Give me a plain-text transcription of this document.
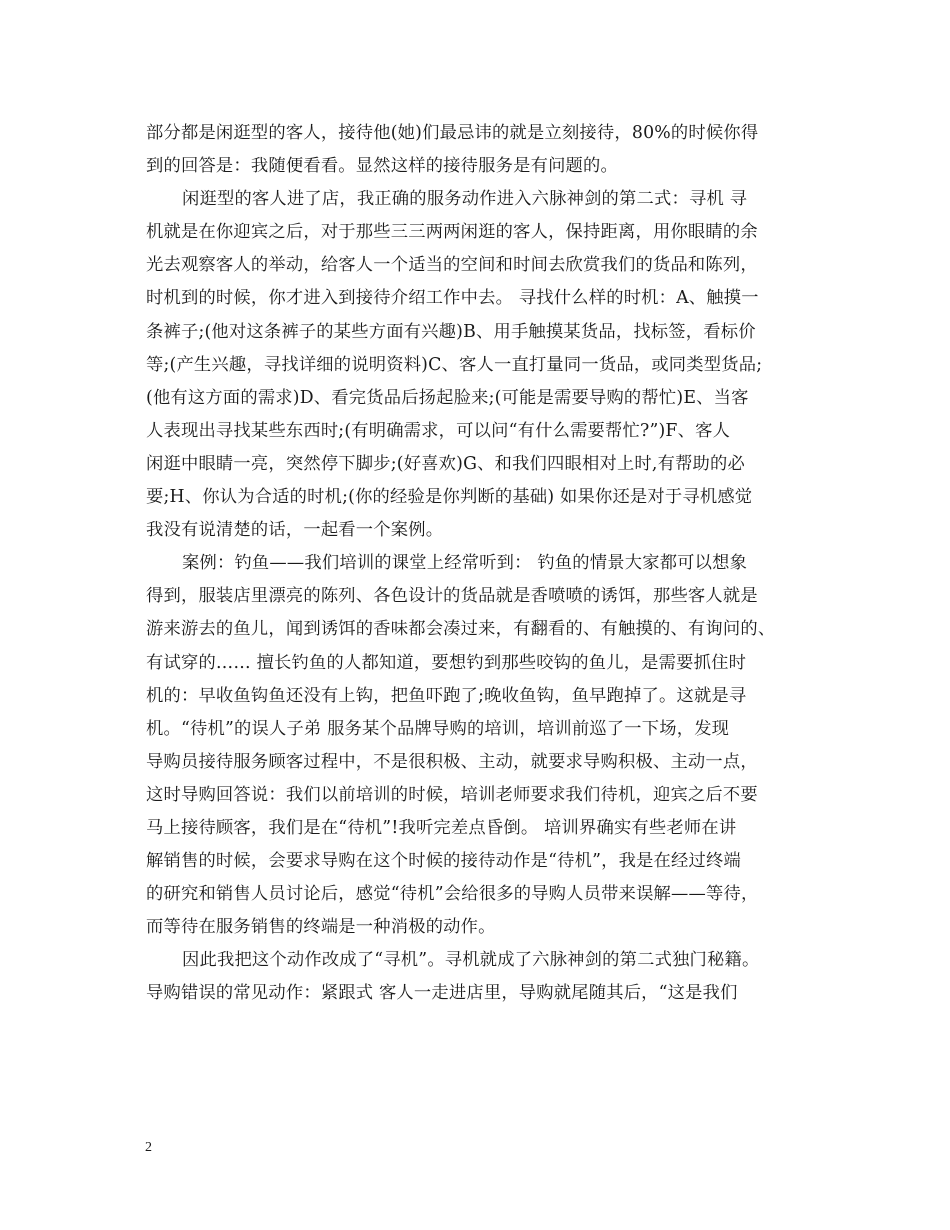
部分都是闲逛型的客人，接待他(她)们最忌讳的就是立刻接待，80%的时候你得
到的回答是：我随便看看。显然这样的接待服务是有问题的。
闲逛型的客人进了店，我正确的服务动作进入六脉神剑的第二式：寻机 寻
机就是在你迎宾之后，对于那些三三两两闲逛的客人，保持距离，用你眼睛的余
光去观察客人的举动，给客人一个适当的空间和时间去欣赏我们的货品和陈列，
时机到的时候，你才进入到接待介绍工作中去。 寻找什么样的时机：A、触摸一
条裤子;(他对这条裤子的某些方面有兴趣)B、用手触摸某货品，找标签，看标价
等;(产生兴趣，寻找详细的说明资料)C、客人一直打量同一货品，或同类型货品;
(他有这方面的需求)D、看完货品后扬起脸来;(可能是需要导购的帮忙)E、当客
人表现出寻找某些东西时;(有明确需求，可以问“有什么需要帮忙?”)F、客人
闲逛中眼睛一亮，突然停下脚步;(好喜欢)G、和我们四眼相对上时,有帮助的必
要;H、你认为合适的时机;(你的经验是你判断的基础) 如果你还是对于寻机感觉
我没有说清楚的话，一起看一个案例。
案例：钓鱼——我们培训的课堂上经常听到： 钓鱼的情景大家都可以想象
得到，服装店里漂亮的陈列、各色设计的货品就是香喷喷的诱饵，那些客人就是
游来游去的鱼儿，闻到诱饵的香味都会凑过来，有翻看的、有触摸的、有询问的、
有试穿的…… 擅长钓鱼的人都知道，要想钓到那些咬钩的鱼儿，是需要抓住时
机的：早收鱼钩鱼还没有上钩，把鱼吓跑了;晚收鱼钩，鱼早跑掉了。这就是寻
机。“待机”的误人子弟 服务某个品牌导购的培训，培训前巡了一下场，发现
导购员接待服务顾客过程中，不是很积极、主动，就要求导购积极、主动一点，
这时导购回答说：我们以前培训的时候，培训老师要求我们待机，迎宾之后不要
马上接待顾客，我们是在“待机”!我听完差点昏倒。 培训界确实有些老师在讲
解销售的时候，会要求导购在这个时候的接待动作是“待机”，我是在经过终端
的研究和销售人员讨论后，感觉“待机”会给很多的导购人员带来误解——等待，
而等待在服务销售的终端是一种消极的动作。
因此我把这个动作改成了“寻机”。寻机就成了六脉神剑的第二式独门秘籍。
导购错误的常见动作：紧跟式 客人一走进店里，导购就尾随其后，“这是我们
2
